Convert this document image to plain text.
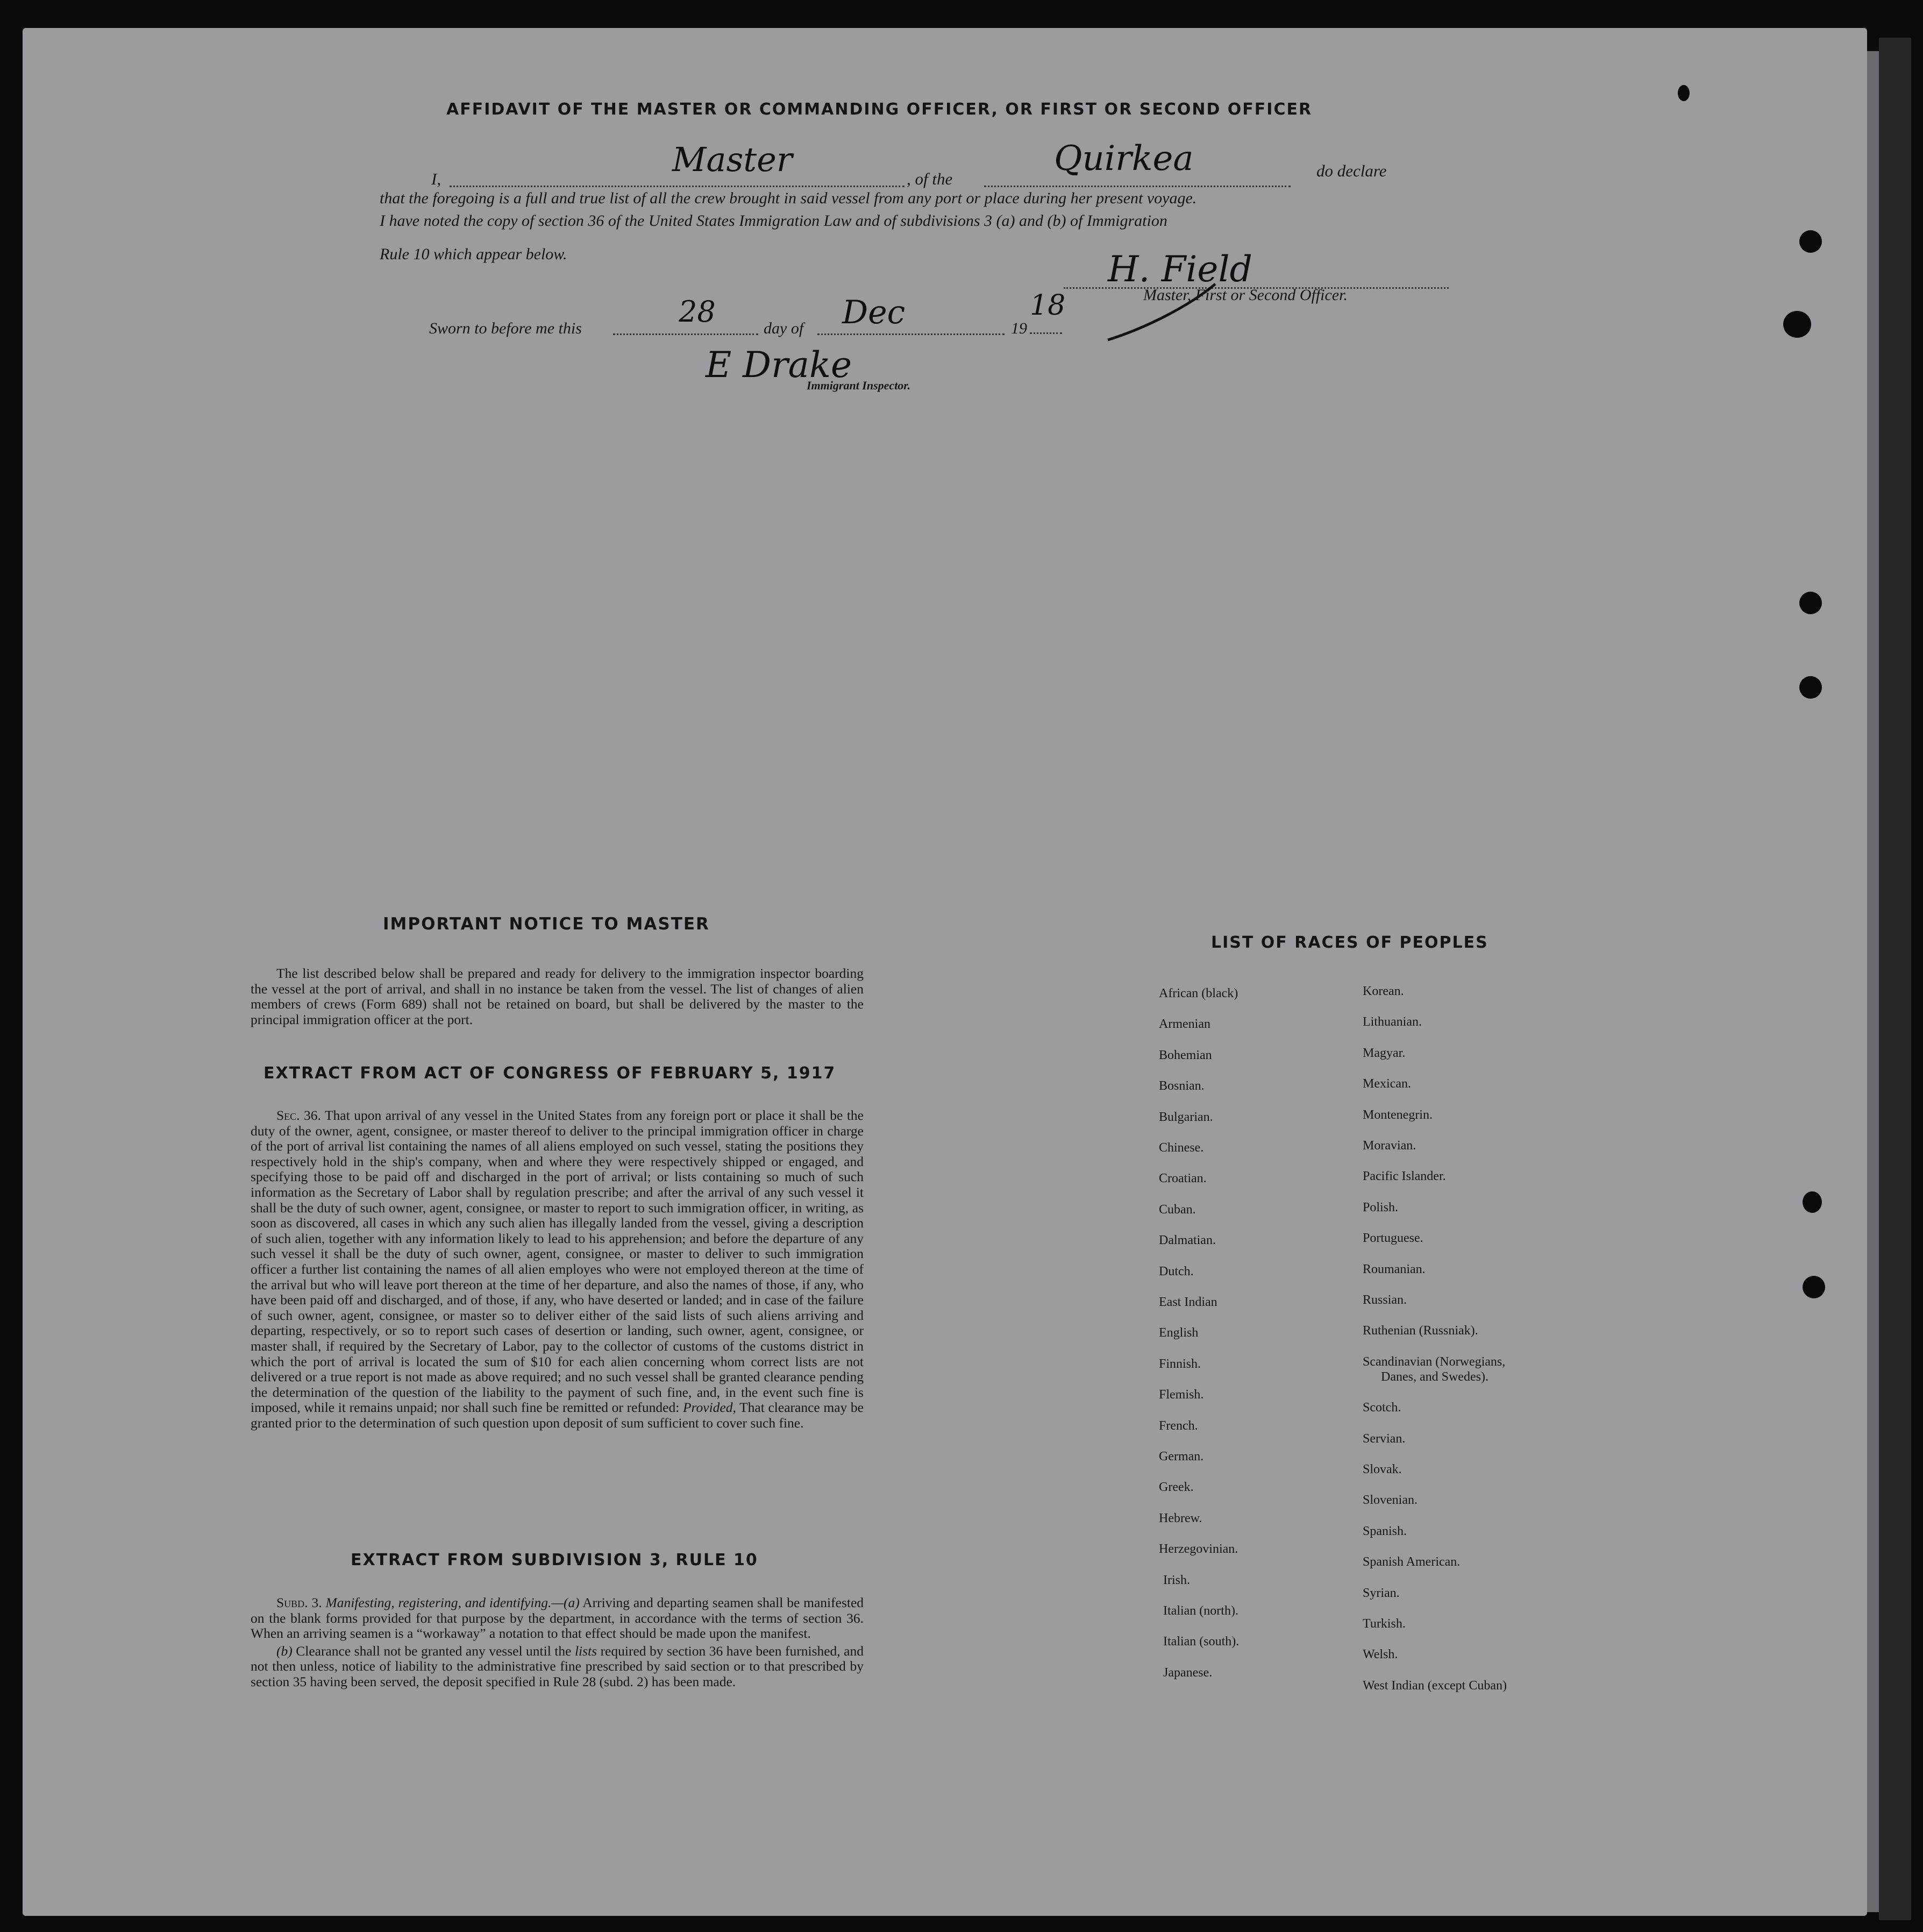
AFFIDAVIT OF THE MASTER OR COMMANDING OFFICER, OR FIRST OR SECOND OFFICER
I,	Master	, of the
Quirkea	do declare
that the foregoing is a full and true list of all the crew brought in said vessel from any port or place during her present voyage.
I have noted the copy of section 36 of the United States Immigration Law and of subdivisions 3 (a) and (b) of Immigration
Rule 10 which appear below.	H. Field
Master, First or Second Officer.
Sworn to before me this	28	day of Dec	19
18
E Drake
Immigrant Inspector.
IMPORTANT NOTICE TO MASTER

The list described below shall be prepared and ready for delivery to the immigration inspector boarding the vessel at the port of arrival, and shall in no instance be taken from the vessel. The list of changes of alien members of crews (Form 689) shall not be retained on board, but shall be delivered by the master to the principal immigration officer at the port.

EXTRACT FROM ACT OF CONGRESS OF FEBRUARY 5, 1917

Sec. 36. That upon arrival of any vessel in the United States from any foreign port or place it shall be the duty of the owner, agent, consignee, or master thereof to deliver to the principal immigration officer in charge of the port of arrival list containing the names of all aliens employed on such vessel, stating the positions they respectively hold in the ship's company, when and where they were respectively shipped or engaged, and specifying those to be paid off and discharged in the port of arrival; or lists containing so much of such information as the Secretary of Labor shall by regulation prescribe; and after the arrival of any such vessel it shall be the duty of such owner, agent, consignee, or master to report to such immigration officer, in writing, as soon as discovered, all cases in which any such alien has illegally landed from the vessel, giving a description of such alien, together with any information likely to lead to his apprehension; and before the departure of any such vessel it shall be the duty of such owner, agent, consignee, or master to deliver to such immigration officer a further list containing the names of all alien employes who were not employed thereon at the time of the arrival but who will leave port thereon at the time of her departure, and also the names of those, if any, who have been paid off and discharged, and of those, if any, who have deserted or landed; and in case of the failure of such owner, agent, consignee, or master so to deliver either of the said lists of such aliens arriving and departing, respectively, or so to report such cases of desertion or landing, such owner, agent, consignee, or master shall, if required by the Secretary of Labor, pay to the collector of customs of the customs district in which the port of arrival is located the sum of $10 for each alien concerning whom correct lists are not delivered or a true report is not made as above required; and no such vessel shall be granted clearance pending the determination of the question of the liability to the payment of such fine, and, in the event such fine is imposed, while it remains unpaid; nor shall such fine be remitted or refunded: Provided, That clearance may be granted prior to the determination of such question upon deposit of sum sufficient to cover such fine.

EXTRACT FROM SUBDIVISION 3, RULE 10

Subd. 3. Manifesting, registering, and identifying.—(a) Arriving and departing seamen shall be manifested on the blank forms provided for that purpose by the department, in accordance with the terms of section 36. When an arriving seamen is a “workaway” a notation to that effect should be made upon the manifest.

(b) Clearance shall not be granted any vessel until the lists required by section 36 have been furnished, and not then unless, notice of liability to the administrative fine prescribed by said section or to that prescribed by section 35 having been served, the deposit specified in Rule 28 (subd. 2) has been made.

LIST OF RACES OF PEOPLES
African (black)
Armenian
Bohemian
Bosnian.
Bulgarian.
Chinese.
Croatian.
Cuban.
Dalmatian.
Dutch.
East Indian
English
Finnish.
Flemish.
French.
German.
Greek.
Hebrew.
Herzegovinian.
Irish.
Italian (north).
Italian (south).
Japanese.
Korean.
Lithuanian.
Magyar.
Mexican.
Montenegrin.
Moravian.
Pacific Islander.
Polish.
Portuguese.
Roumanian.
Russian.
Ruthenian (Russniak).
Scandinavian (Norwegians,
Danes, and Swedes).
Scotch.
Servian.
Slovak.
Slovenian.
Spanish.
Spanish American.
Syrian.
Turkish.
Welsh.
West Indian (except Cuban)
